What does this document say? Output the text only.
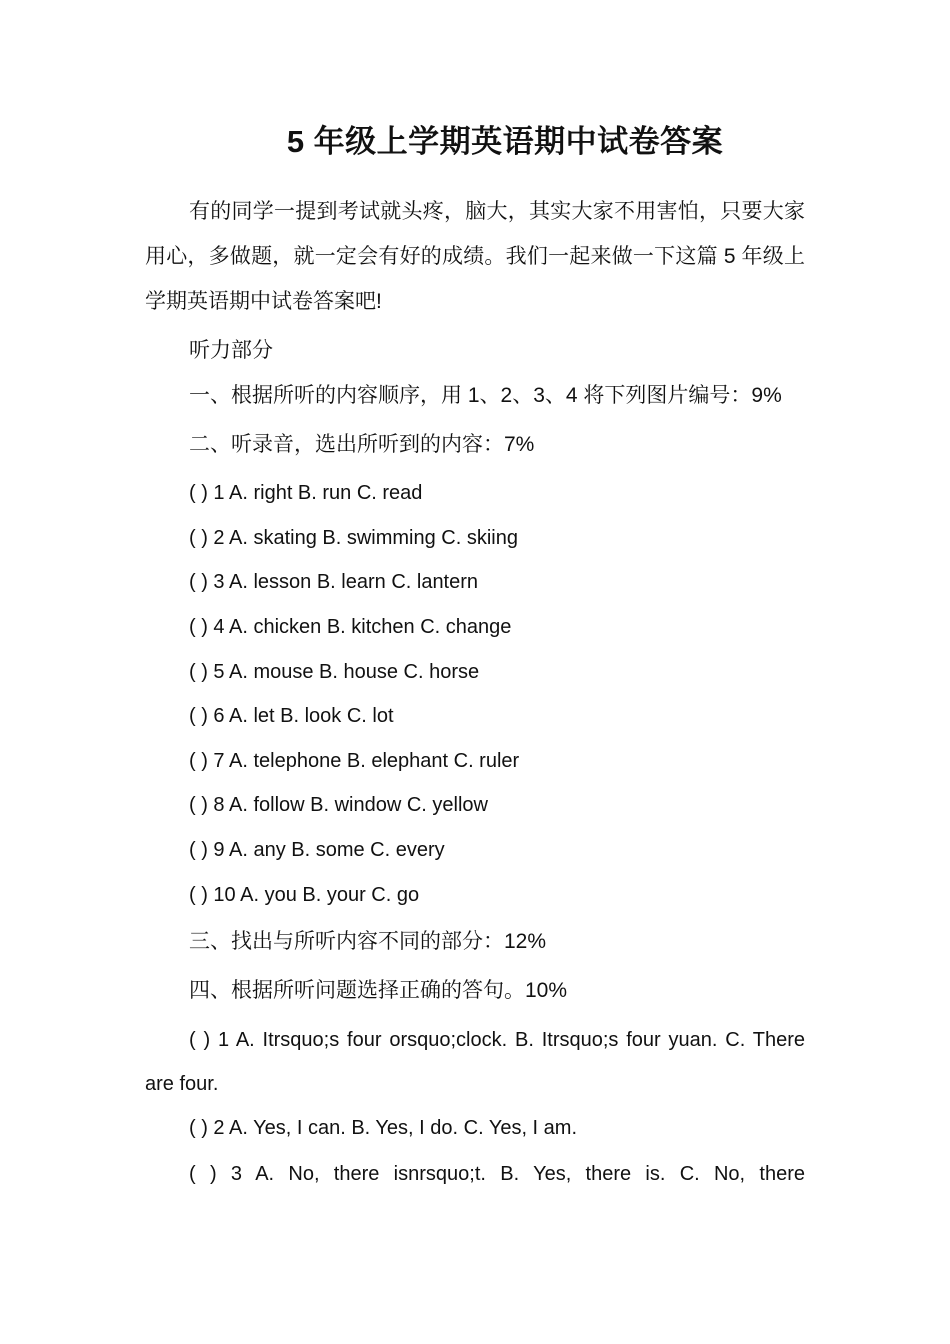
5 年级上学期英语期中试卷答案

有的同学一提到考试就头疼，脑大，其实大家不用害怕，只要大家用心，多做题，就一定会有好的成绩。我们一起来做一下这篇 5 年级上学期英语期中试卷答案吧!

听力部分

一、根据所听的内容顺序，用 1、2、3、4 将下列图片编号：9%

二、听录音，选出所听到的内容：7%

( ) 1 A. right B. run C. read

( ) 2 A. skating B. swimming C. skiing

( ) 3 A. lesson B. learn C. lantern

( ) 4 A. chicken B. kitchen C. change

( ) 5 A. mouse B. house C. horse

( ) 6 A. let B. look C. lot

( ) 7 A. telephone B. elephant C. ruler

( ) 8 A. follow B. window C. yellow

( ) 9 A. any B. some C. every

( ) 10 A. you B. your C. go

三、找出与所听内容不同的部分：12%

四、根据所听问题选择正确的答句。10%

( ) 1 A. Itrsquo;s four orsquo;clock. B. Itrsquo;s four yuan. C. There are four.

( ) 2 A. Yes, I can. B. Yes, I do. C. Yes, I am.

( ) 3 A. No, there isnrsquo;t. B. Yes, there is. C. No, there
